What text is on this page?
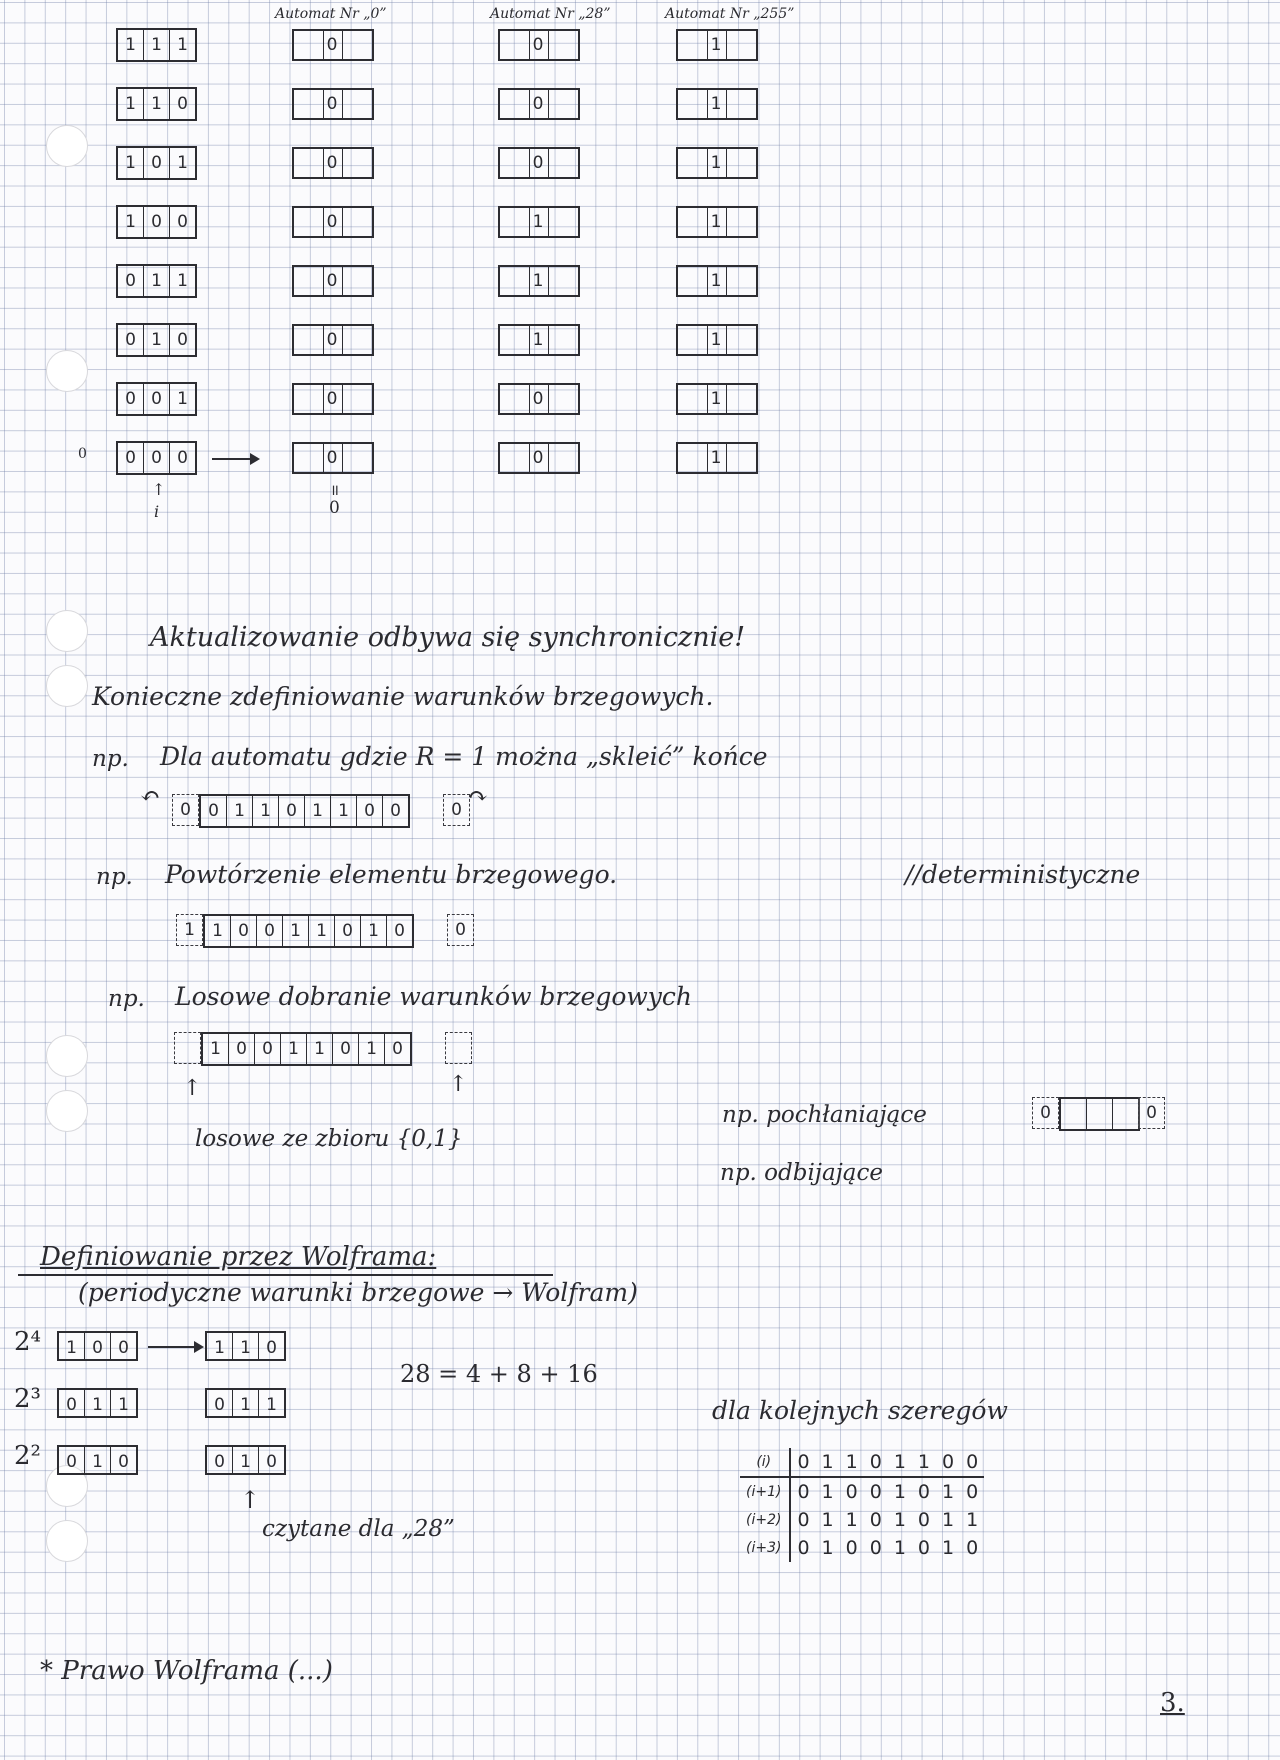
Automat Nr „0”	Automat Nr „28”	Automat Nr „255”
1 1 1	0	0	1
1 1 0	0	0	1
1 0 1	0	0	1
1 0 0	0	1	1
0 1 1	0	1	1
0 1 0	0	1	1
0 0 1	0	0	1
0 0 0	0	0	1
0
↑
i
॥
0
Aktualizowanie odbywa się synchronicznie!
Konieczne zdefiniowanie warunków brzegowych.
np. Dla automatu gdzie R = 1 można „skleić” końce
↶	↷
0	0 1 1 0 1 1 0 0	0
np. Powtórzenie elementu brzegowego.	//deterministyczne
1	1 0 0 1 1 0 1 0	0
np. Losowe dobranie warunków brzegowych
1 0 0 1 1 0 1 0
↑	↑
losowe ze zbioru {0,1}
np. pochłaniające	0	0
np. odbijające
Definiowanie przez Wolframa:
(periodyczne warunki brzegowe → Wolfram)
2⁴	1 0 0	1 1 0
2³	0 1 1	0 1 1
2²	0 1 0	0 1 0
28 = 4 + 8 + 16
↑
czytane dla „28”
dla kolejnych szeregów
(i)	0	1	1	0	1	1	0	0
(i+1)	0	1	0	0	1	0	1	0
(i+2)	0	1	1	0	1	0	1	1
(i+3)	0	1	0	0	1	0	1	0
* Prawo Wolframa (...)
3.
